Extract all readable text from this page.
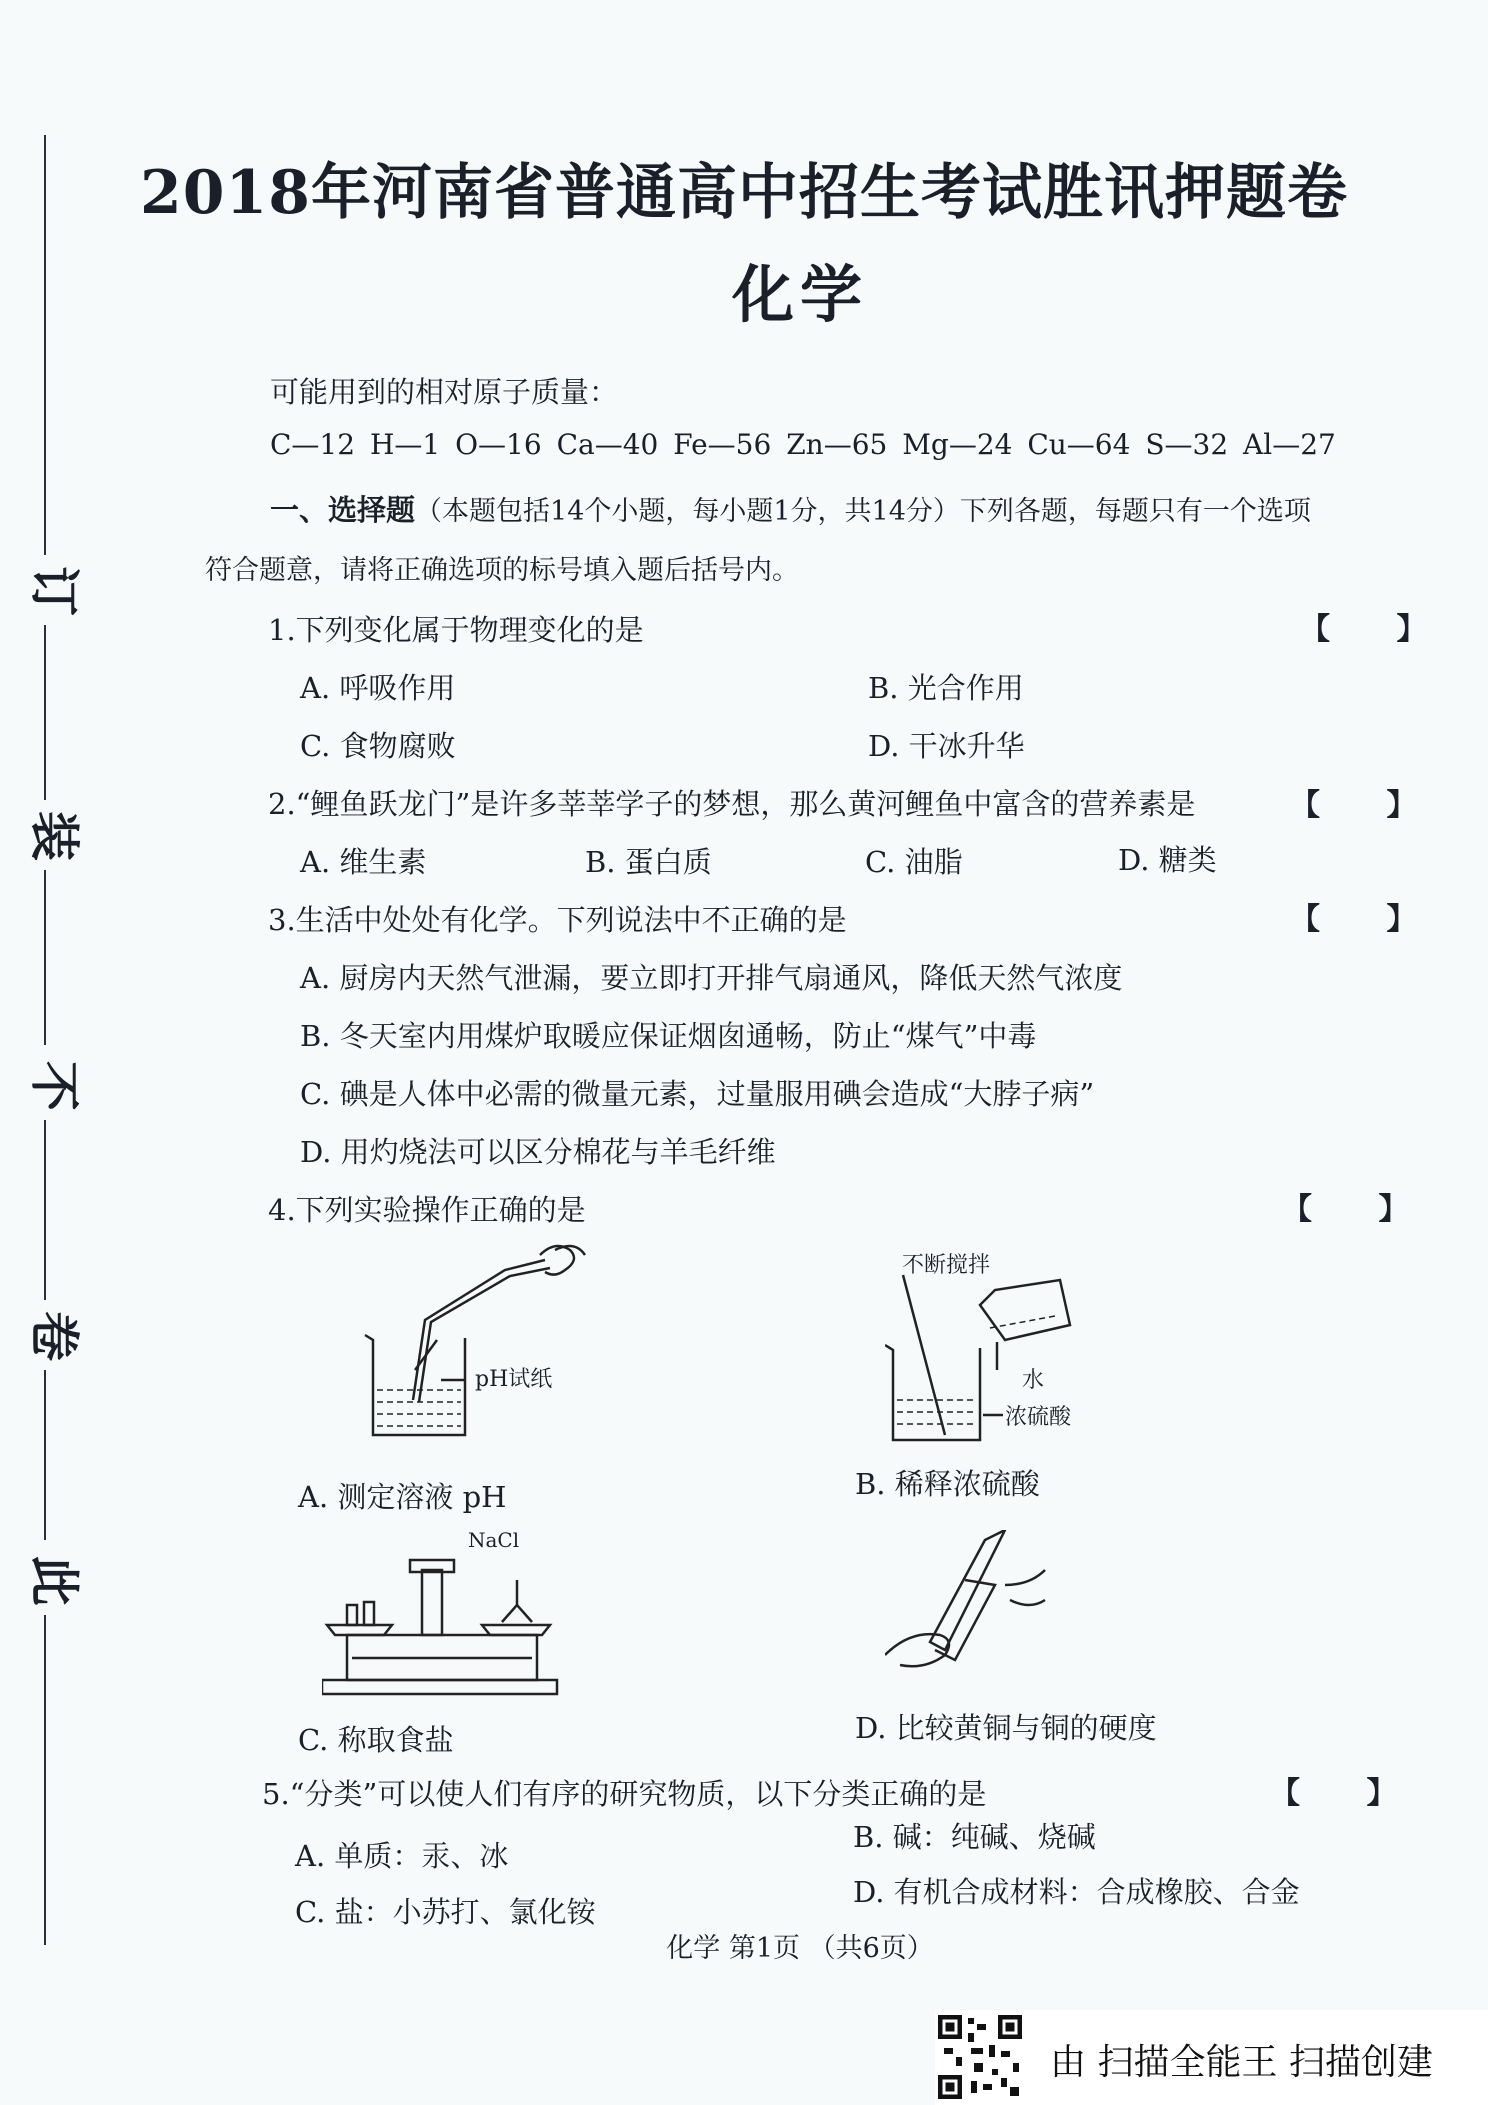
订
装
不
卷
此
2018年河南省普通高中招生考试胜讯押题卷
化学
可能用到的相对原子质量：
C—12 H—1 O—16 Ca—40 Fe—56 Zn—65 Mg—24 Cu—64 S—32 Al—27
一、选择题（本题包括14个小题，每小题1分，共14分）下列各题，每题只有一个选项
符合题意，请将正确选项的标号填入题后括号内。
1.下列变化属于物理变化的是	【 】
A. 呼吸作用	B. 光合作用
C. 食物腐败	D. 干冰升华
2.“鲤鱼跃龙门”是许多莘莘学子的梦想，那么黄河鲤鱼中富含的营养素是	【 】
A. 维生素	B. 蛋白质	C. 油脂	D. 糖类
3.生活中处处有化学。下列说法中不正确的是	【 】
A. 厨房内天然气泄漏，要立即打开排气扇通风，降低天然气浓度
B. 冬天室内用煤炉取暖应保证烟囱通畅，防止“煤气”中毒
C. 碘是人体中必需的微量元素，过量服用碘会造成“大脖子病”
D. 用灼烧法可以区分棉花与羊毛纤维
4.下列实验操作正确的是	【 】
pH试纸
不断搅拌
水
浓硫酸
A. 测定溶液 pH	B. 稀释浓硫酸
NaCl
C. 称取食盐	D. 比较黄铜与铜的硬度
5.“分类”可以使人们有序的研究物质，以下分类正确的是	【 】
A. 单质：汞、冰
B. 碱：纯碱、烧碱
C. 盐：小苏打、氯化铵
D. 有机合成材料：合成橡胶、合金
化学 第1页 （共6页）
由 扫描全能王 扫描创建
